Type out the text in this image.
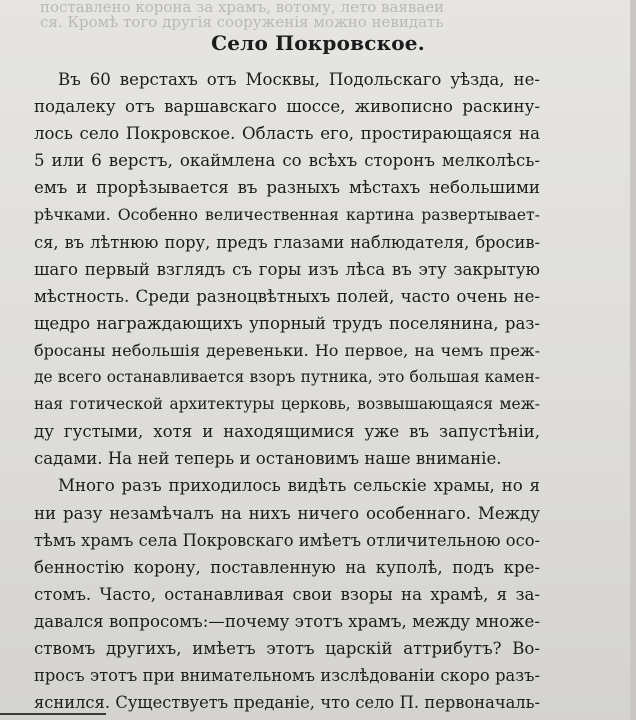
поставлено корона за храмъ, вотому, лето ваяваеи
ся. Кромѣ того другія сооруженія можно невидать
Село Покровское.
Въ 60 верстахъ отъ Москвы, Подольскаго уѣзда, не-
подалеку отъ варшавскаго шоссе, живописно раскину-
лось село Покровское. Область его, простирающаяся на
5 или 6 верстъ, окаймлена со всѣхъ сторонъ мелколѣсь-
емъ и прорѣзывается въ разныхъ мѣстахъ небольшими
рѣчками. Особенно величественная картина развертывает-
ся, въ лѣтнюю пору, предъ глазами наблюдателя, бросив-
шаго первый взглядъ съ горы изъ лѣса въ эту закрытую
мѣстность. Среди разноцвѣтныхъ полей, часто очень не-
щедро награждающихъ упорный трудъ поселянина, раз-
бросаны небольшія деревеньки. Но первое, на чемъ преж-
де всего останавливается взоръ путника, это большая камен-
ная готической архитектуры церковь, возвышающаяся меж-
ду густыми, хотя и находящимися уже въ запустѣніи,
садами. На ней теперь и остановимъ наше вниманіе.
Много разъ приходилось видѣть сельскіе храмы, но я
ни разу незамѣчалъ на нихъ ничего особеннаго. Между
тѣмъ храмъ села Покровскаго имѣетъ отличительною осо-
бенностію корону, поставленную на куполѣ, подъ кре-
стомъ. Часто, останавливая свои взоры на храмѣ, я за-
давался вопросомъ:—почему этотъ храмъ, между множе-
ствомъ другихъ, имѣетъ этотъ царскій аттрибутъ? Во-
просъ этотъ при внимательномъ изслѣдованіи скоро разъ-
яснился. Существуетъ преданіе, что село П. первоначаль-
